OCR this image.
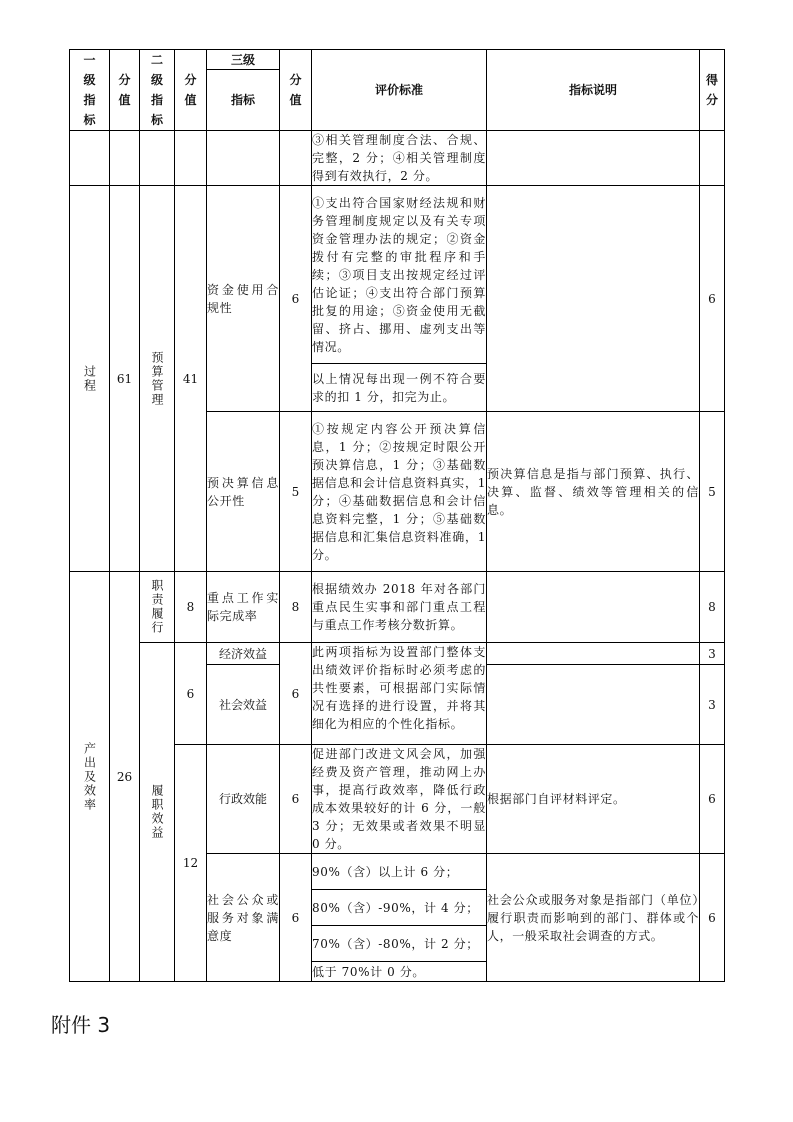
一级指标	分值	二级指标	分值	三级	分值	评价标准	指标说明	得分

				指标				
						③相关管理制度合法、合规、完整，2 分；④相关管理制度得到有效执行，2 分。		

过程	61	预算管理	41	资金使用合规性	6	①支出符合国家财经法规和财务管理制度规定以及有关专项资金管理办法的规定；②资金拨付有完整的审批程序和手续；③项目支出按规定经过评估论证；④支出符合部门预算批复的用途；⑤资金使用无截留、挤占、挪用、虚列支出等情况。		6
						以上情况每出现一例不符合要求的扣 1 分，扣完为止。		
				预决算信息公开性	5	①按规定内容公开预决算信息，1 分；②按规定时限公开预决算信息，1 分；③基础数据信息和会计信息资料真实，1 分；④基础数据信息和会计信息资料完整，1 分；⑤基础数据信息和汇集信息资料准确，1 分。	预决算信息是指与部门预算、执行、决算、监督、绩效等管理相关的信息。	5

产出及效率	26	职责履行	8	重点工作实际完成率	8	根据绩效办 2018 年对各部门重点民生实事和部门重点工程与重点工作考核分数折算。		8

		履职效益	6	经济效益	6	此两项指标为设置部门整体支出绩效评价指标时必须考虑的共性要素，可根据部门实际情况有选择的进行设置，并将其细化为相应的个性化指标。		3
				社会效益				3
			12	行政效能	6	促进部门改进文风会风，加强经费及资产管理，推动网上办事，提高行政效率，降低行政成本效果较好的计 6 分，一般 3 分；无效果或者效果不明显 0 分。	根据部门自评材料评定。	6
				社会公众或服务对象满意度	6	90%（含）以上计 6 分；	社会公众或服务对象是指部门（单位）履行职责而影响到的部门、群体或个人，一般采取社会调查的方式。	6
						80%（含）-90%，计 4 分；		
						70%（含）-80%，计 2 分；		
						低于 70%计 0 分。		
附件 3
